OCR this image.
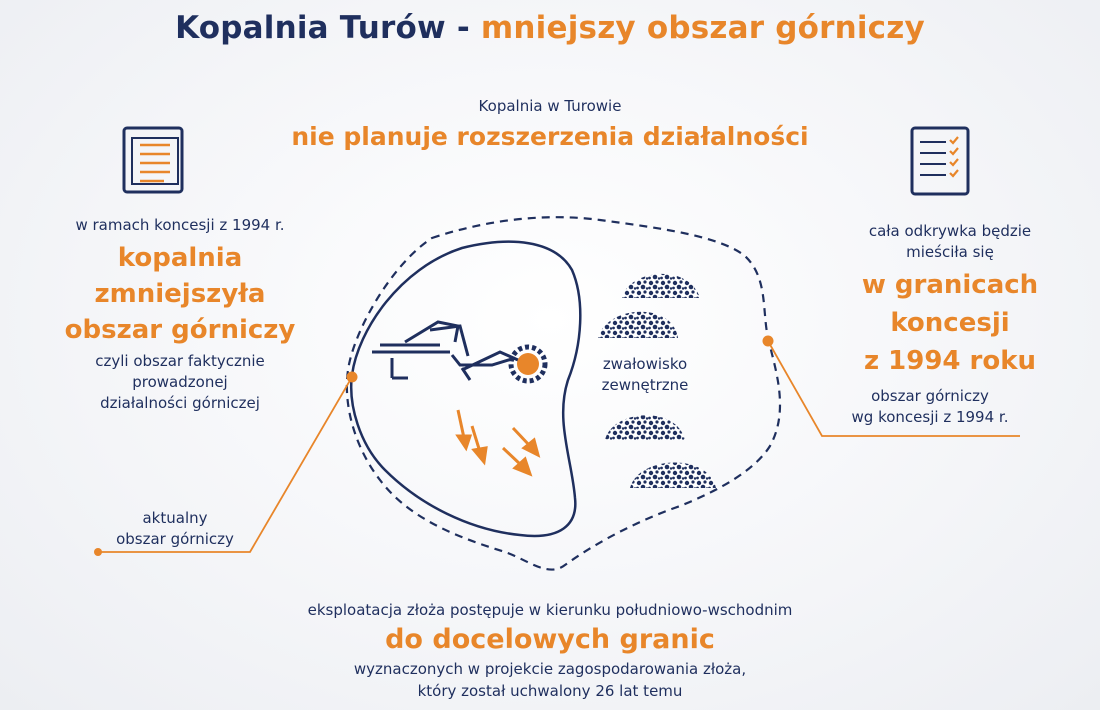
Kopalnia Turów - mniejszy obszar górniczy
Kopalnia w Turowie
nie planuje rozszerzenia działalności
w ramach koncesji z 1994 r.
kopalnia
zmniejszyła
obszar górniczy
czyli obszar faktycznie
prowadzonej
działalności górniczej
cała odkrywka będzie
mieściła się
w granicach
koncesji
z 1994 roku
aktualny
obszar górniczy
obszar górniczy
wg koncesji z 1994 r.
zwałowisko
zewnętrzne
eksploatacja złoża postępuje w kierunku południowo-wschodnim
do docelowych granic
wyznaczonych w projekcie zagospodarowania złoża,
który został uchwalony 26 lat temu
